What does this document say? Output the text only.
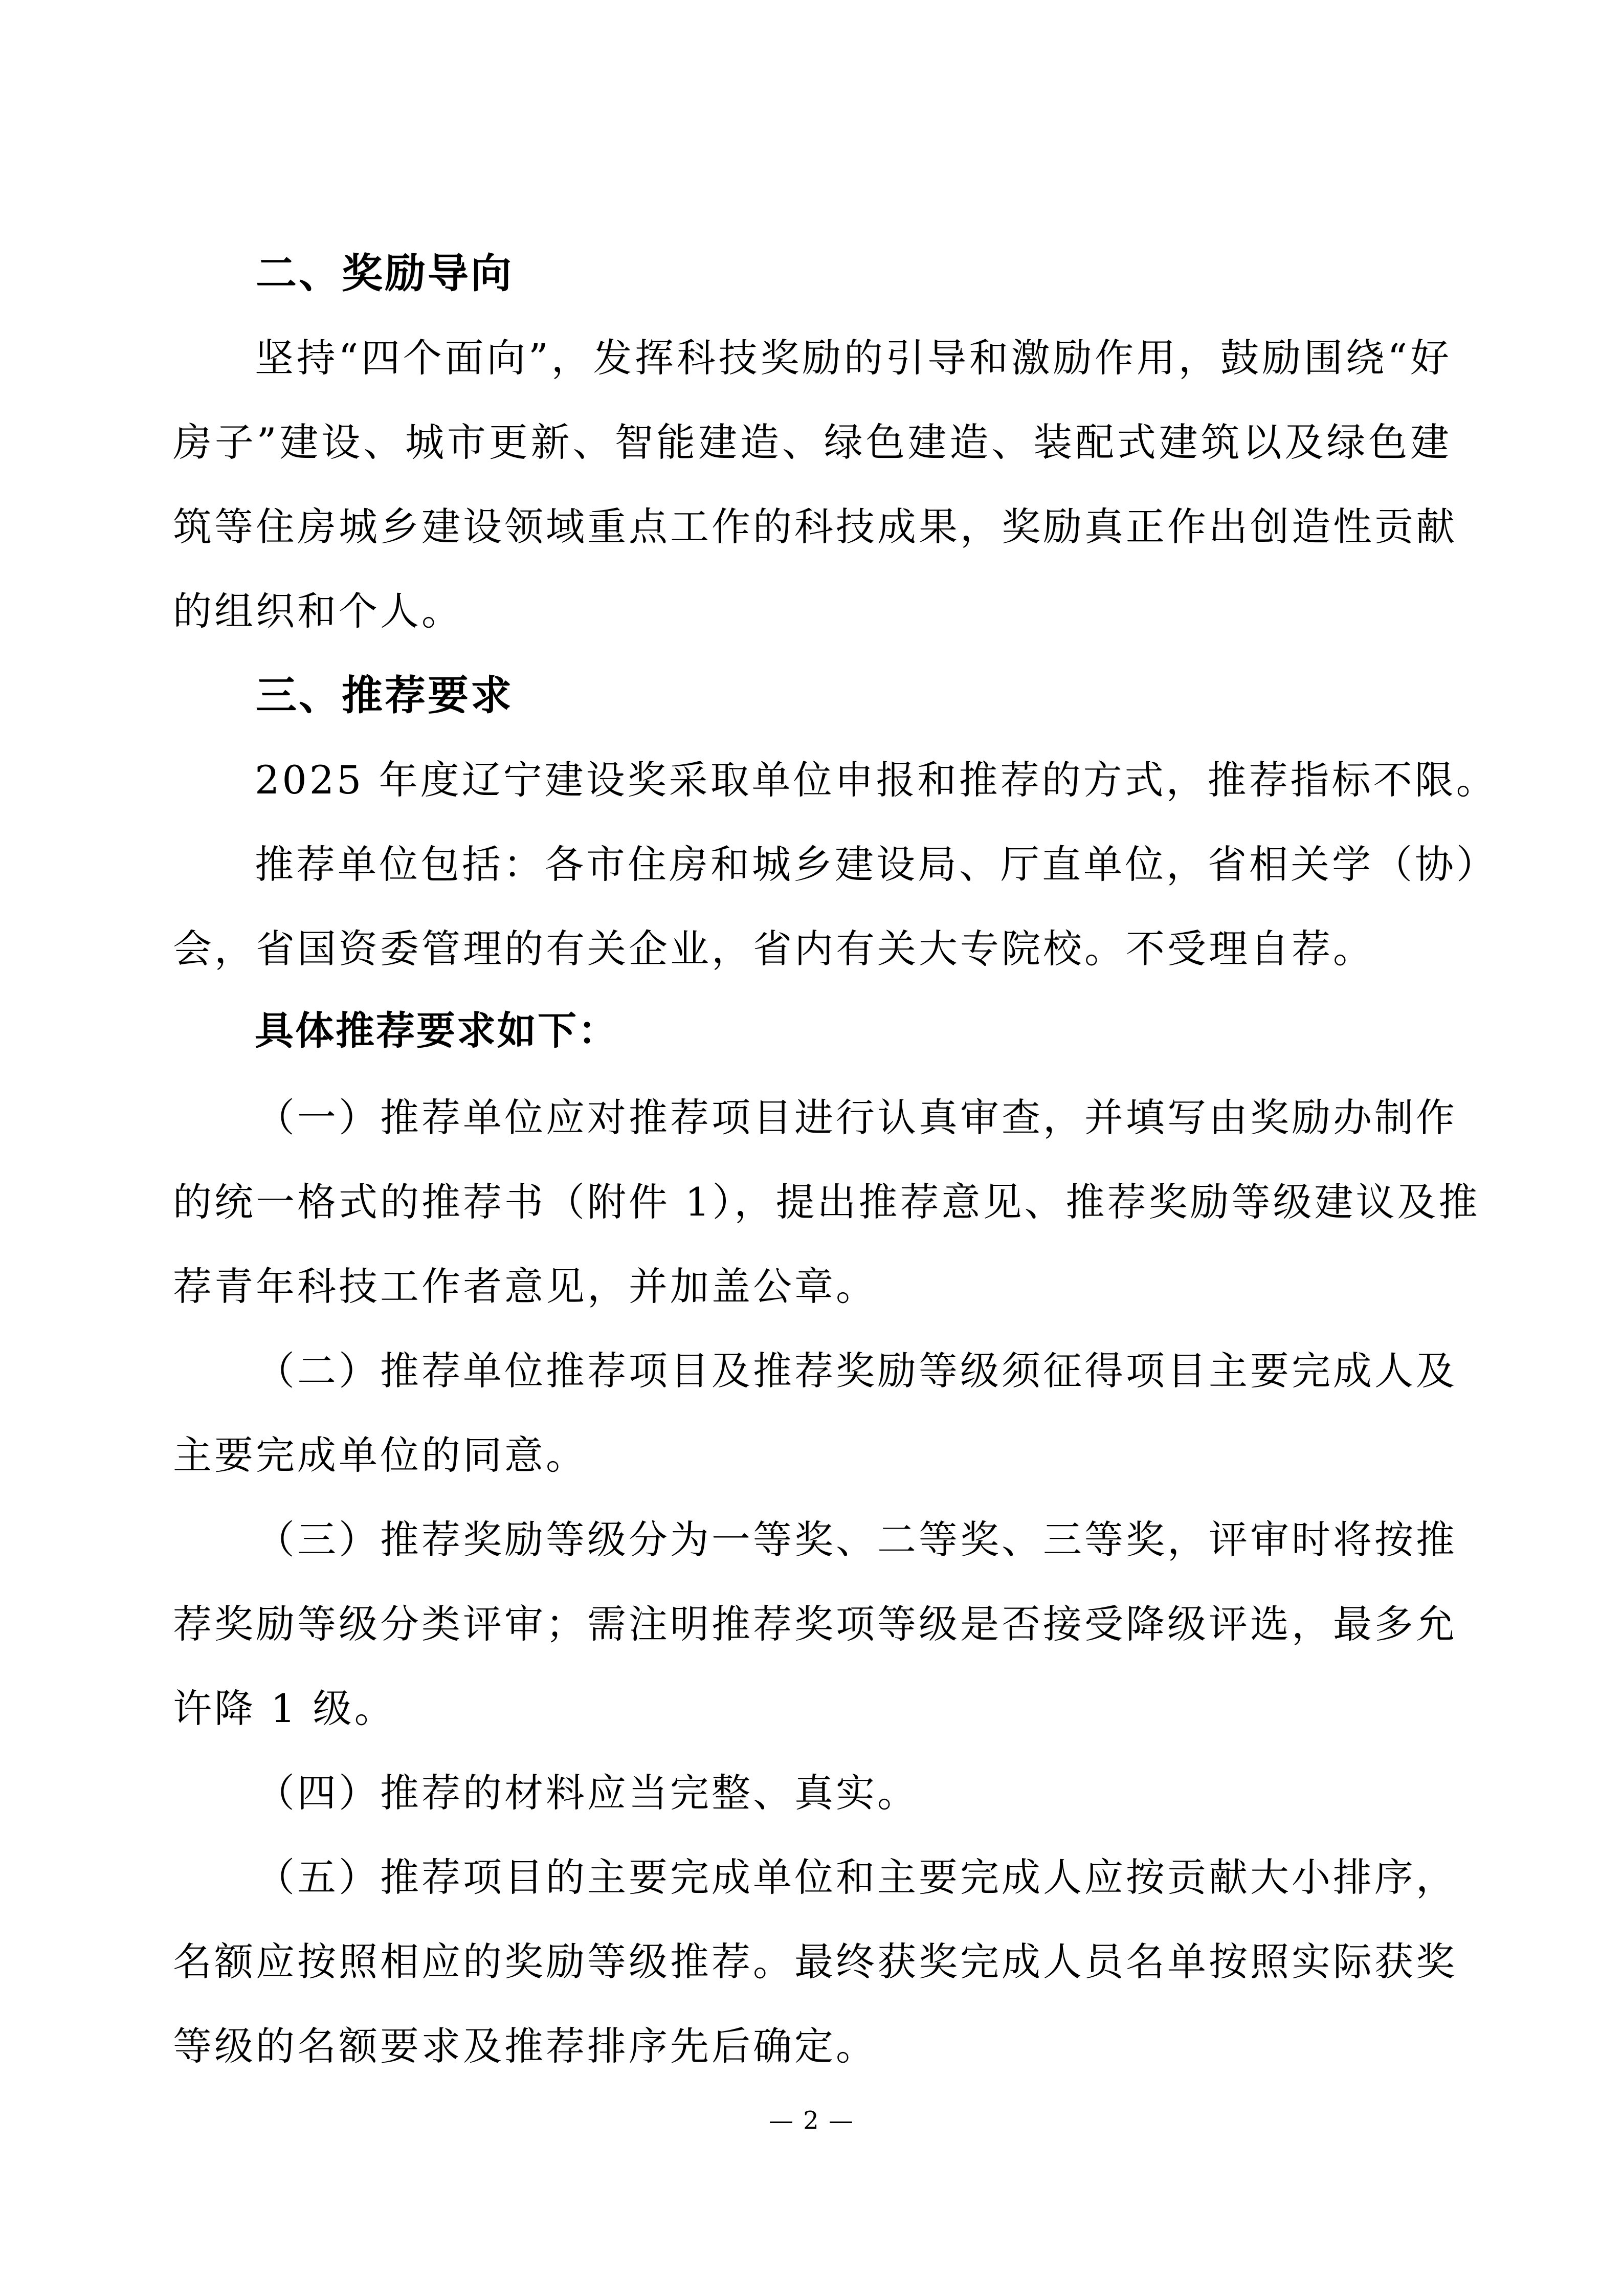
二、奖励导向
坚持“四个面向”，发挥科技奖励的引导和激励作用，鼓励围绕“好
房子”建设、城市更新、智能建造、绿色建造、装配式建筑以及绿色建
筑等住房城乡建设领域重点工作的科技成果，奖励真正作出创造性贡献
的组织和个人。
三、推荐要求
2025 年度辽宁建设奖采取单位申报和推荐的方式，推荐指标不限。
推荐单位包括：各市住房和城乡建设局、厅直单位，省相关学（协）
会，省国资委管理的有关企业，省内有关大专院校。不受理自荐。
具体推荐要求如下：
（一）推荐单位应对推荐项目进行认真审查，并填写由奖励办制作
的统一格式的推荐书（附件 1），提出推荐意见、推荐奖励等级建议及推
荐青年科技工作者意见，并加盖公章。
（二）推荐单位推荐项目及推荐奖励等级须征得项目主要完成人及
主要完成单位的同意。
（三）推荐奖励等级分为一等奖、二等奖、三等奖，评审时将按推
荐奖励等级分类评审；需注明推荐奖项等级是否接受降级评选，最多允
许降 1 级。
（四）推荐的材料应当完整、真实。
（五）推荐项目的主要完成单位和主要完成人应按贡献大小排序，
名额应按照相应的奖励等级推荐。最终获奖完成人员名单按照实际获奖
等级的名额要求及推荐排序先后确定。
— 2 —
